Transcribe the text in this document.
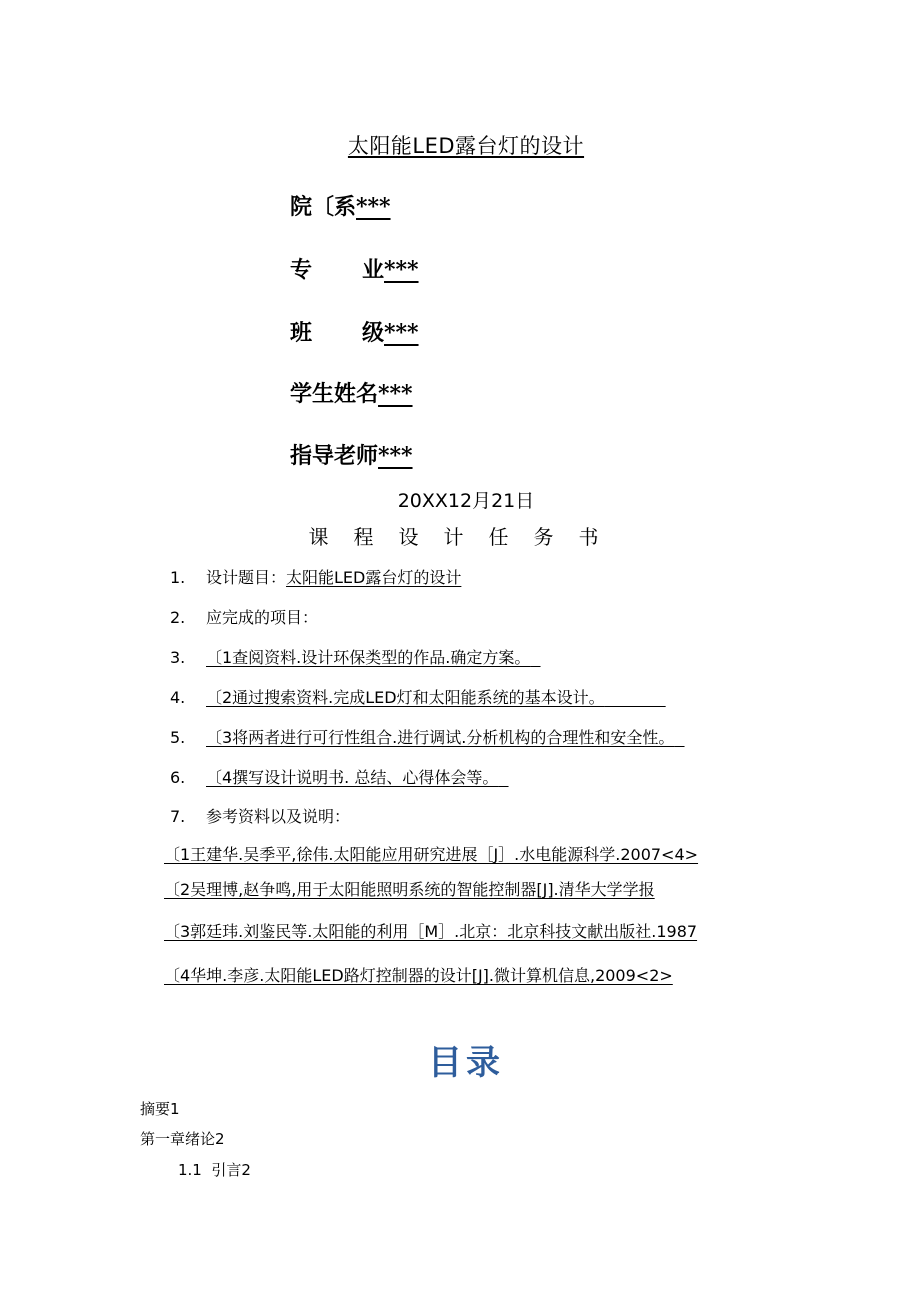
太阳能LED露台灯的设计
院〔系***
专 业***
班 级***
学生姓名***
指导老师***
20XX12月21日
课程设计任务书
1. 设计题目：太阳能LED露台灯的设计
2. 应完成的项目：
3. 〔1查阅资料.设计环保类型的作品.确定方案。
4. 〔2通过搜索资料.完成LED灯和太阳能系统的基本设计。
5. 〔3将两者进行可行性组合.进行调试.分析机构的合理性和安全性。
6. 〔4撰写设计说明书. 总结、心得体会等。
7. 参考资料以及说明：
〔1王建华.吴季平,徐伟.太阳能应用研究进展［J］.水电能源科学.2007<4>
〔2吴理博,赵争鸣,用于太阳能照明系统的智能控制器[J].清华大学学报
〔3郭廷玮.刘鉴民等.太阳能的利用［M］.北京：北京科技文献出版社.1987
〔4华坤.李彦.太阳能LED路灯控制器的设计[J].微计算机信息,2009<2>
目录
摘要1
第一章绪论2
1.1  引言2
